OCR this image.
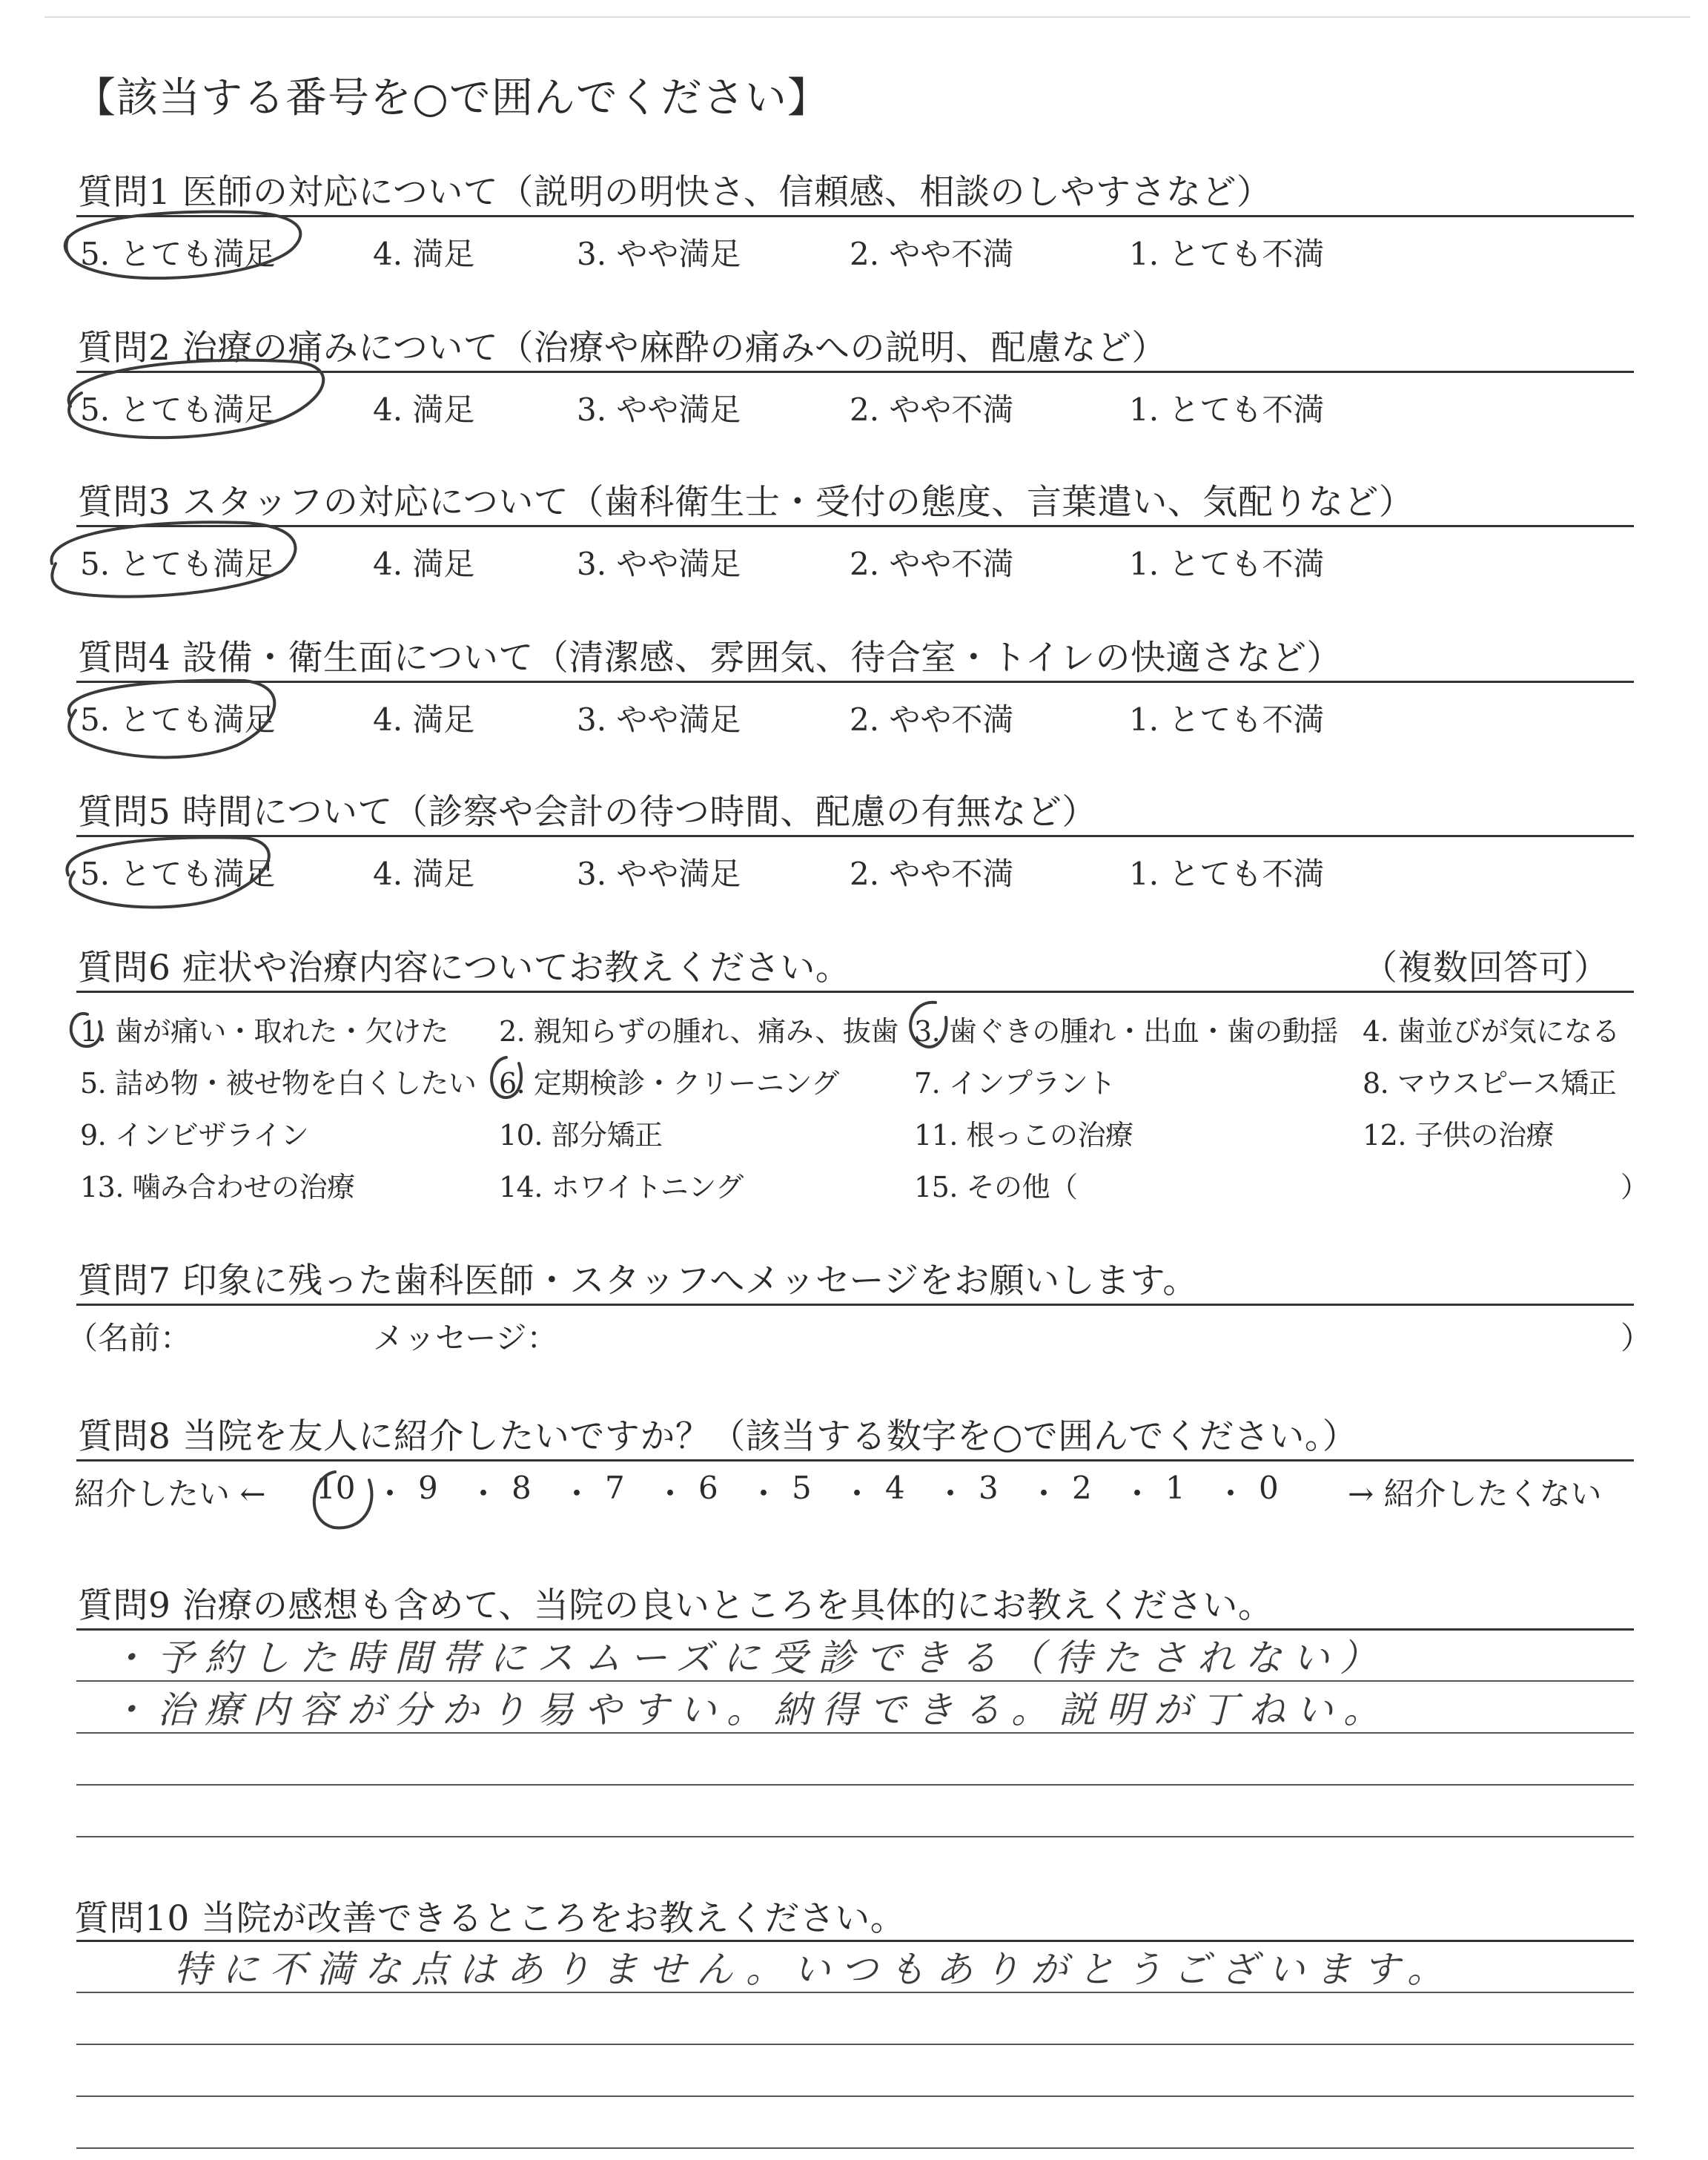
【該当する番号を○で囲んでください】
質問1 医師の対応について（説明の明快さ、信頼感、相談のしやすさなど）
5. とても満足	4. 満足	3. やや満足	2. やや不満	1. とても不満
質問2 治療の痛みについて（治療や麻酔の痛みへの説明、配慮など）
5. とても満足	4. 満足	3. やや満足	2. やや不満	1. とても不満
質問3 スタッフの対応について（歯科衛生士・受付の態度、言葉遣い、気配りなど）
5. とても満足	4. 満足	3. やや満足	2. やや不満	1. とても不満
質問4 設備・衛生面について（清潔感、雰囲気、待合室・トイレの快適さなど）
5. とても満足	4. 満足	3. やや満足	2. やや不満	1. とても不満
質問5 時間について（診察や会計の待つ時間、配慮の有無など）
5. とても満足	4. 満足	3. やや満足	2. やや不満	1. とても不満
質問6 症状や治療内容についてお教えください。	（複数回答可）
1. 歯が痛い・取れた・欠けた 2. 親知らずの腫れ、痛み、抜歯 3. 歯ぐきの腫れ・出血・歯の動揺 4. 歯並びが気になる
5. 詰め物・被せ物を白くしたい 6. 定期検診・クリーニング	7. インプラント	8. マウスピース矯正
9. インビザライン	10. 部分矯正	11. 根っこの治療	12. 子供の治療
13. 噛み合わせの治療	14. ホワイトニング	15. その他（	）
質問7 印象に残った歯科医師・スタッフへメッセージをお願いします。
（名前：	メッセージ：	）
質問8 当院を友人に紹介したいですか？（該当する数字を○で囲んでください。）
紹介したい ←	→ 紹介したくない
10 ・ 9 ・ 8 ・ 7 ・ 6 ・ 5 ・ 4 ・ 3 ・ 2 ・ 1 ・ 0
質問9 治療の感想も含めて、当院の良いところを具体的にお教えください。
・予約した時間帯にスムーズに受診できる（待たされない）
・治療内容が分かり易やすい。納得できる。説明が丁ねい。
質問10 当院が改善できるところをお教えください。
特に不満な点はありません。いつもありがとうございます。
